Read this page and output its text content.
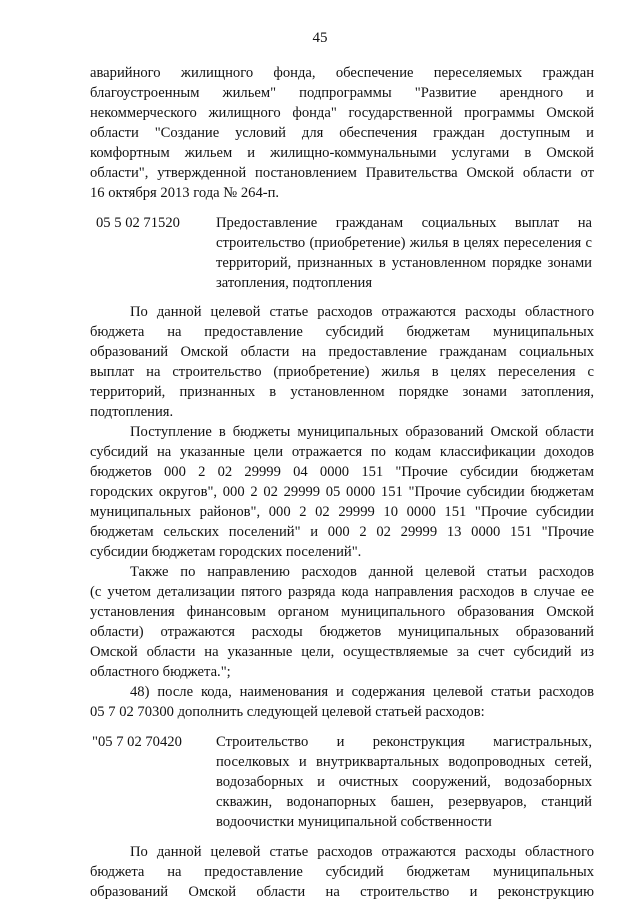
45
аварийного жилищного фонда, обеспечение переселяемых граждан
благоустроенным жильем" подпрограммы "Развитие арендного и
некоммерческого жилищного фонда" государственной программы Омской
области "Создание условий для обеспечения граждан доступным и
комфортным жильем и жилищно-коммунальными услугами в Омской
области", утвержденной постановлением Правительства Омской области от
16 октября 2013 года № 264-п.
05 5 02 71520 Предоставление гражданам социальных выплат на
строительство (приобретение) жилья в целях переселения с
территорий, признанных в установленном порядке зонами
затопления, подтопления
По данной целевой статье расходов отражаются расходы областного
бюджета на предоставление субсидий бюджетам муниципальных
образований Омской области на предоставление гражданам социальных
выплат на строительство (приобретение) жилья в целях переселения с
территорий, признанных в установленном порядке зонами затопления,
подтопления.
Поступление в бюджеты муниципальных образований Омской области
субсидий на указанные цели отражается по кодам классификации доходов
бюджетов 000 2 02 29999 04 0000 151 "Прочие субсидии бюджетам
городских округов", 000 2 02 29999 05 0000 151 "Прочие субсидии бюджетам
муниципальных районов", 000 2 02 29999 10 0000 151 "Прочие субсидии
бюджетам сельских поселений" и 000 2 02 29999 13 0000 151 "Прочие
субсидии бюджетам городских поселений".
Также по направлению расходов данной целевой статьи расходов
(с учетом детализации пятого разряда кода направления расходов в случае ее
установления финансовым органом муниципального образования Омской
области) отражаются расходы бюджетов муниципальных образований
Омской области на указанные цели, осуществляемые за счет субсидий из
областного бюджета.";
48) после кода, наименования и содержания целевой статьи расходов
05 7 02 70300 дополнить следующей целевой статьей расходов:
"05 7 02 70420 Строительство и реконструкция магистральных,
поселковых и внутриквартальных водопроводных сетей,
водозаборных и очистных сооружений, водозаборных
скважин, водонапорных башен, резервуаров, станций
водоочистки муниципальной собственности
По данной целевой статье расходов отражаются расходы областного
бюджета на предоставление субсидий бюджетам муниципальных
образований Омской области на строительство и реконструкцию
